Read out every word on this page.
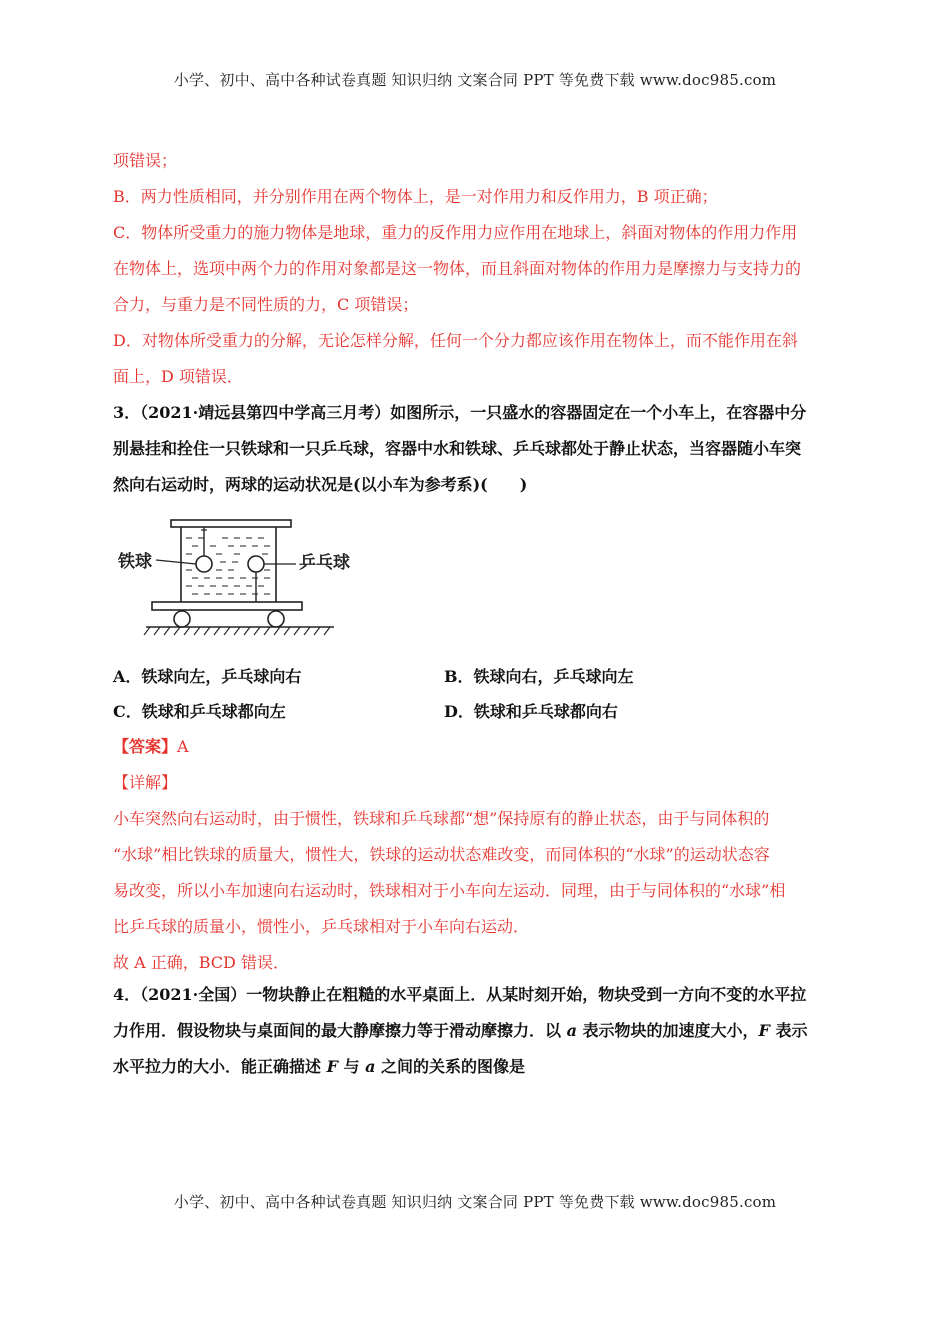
小学、初中、高中各种试卷真题 知识归纳 文案合同 PPT 等免费下载 www.doc985.com
项错误；
B．两力性质相同，并分别作用在两个物体上，是一对作用力和反作用力，B 项正确；
C．物体所受重力的施力物体是地球，重力的反作用力应作用在地球上，斜面对物体的作用力作用
在物体上，选项中两个力的作用对象都是这一物体，而且斜面对物体的作用力是摩擦力与支持力的
合力，与重力是不同性质的力，C 项错误；
D．对物体所受重力的分解，无论怎样分解，任何一个分力都应该作用在物体上，而不能作用在斜
面上，D 项错误．
3．（2021·靖远县第四中学高三月考）如图所示，一只盛水的容器固定在一个小车上，在容器中分
别悬挂和拴住一只铁球和一只乒乓球，容器中水和铁球、乒乓球都处于静止状态，当容器随小车突
然向右运动时，两球的运动状况是(以小车为参考系)(　　)
铁球	乒乓球
A．铁球向左，乒乓球向右	B．铁球向右，乒乓球向左
C．铁球和乒乓球都向左	D．铁球和乒乓球都向右
【答案】A
【详解】
小车突然向右运动时，由于惯性，铁球和乒乓球都“想”保持原有的静止状态，由于与同体积的
“水球”相比铁球的质量大，惯性大，铁球的运动状态难改变，而同体积的“水球”的运动状态容
易改变，所以小车加速向右运动时，铁球相对于小车向左运动．同理，由于与同体积的“水球”相
比乒乓球的质量小，惯性小，乒乓球相对于小车向右运动．
故 A 正确，BCD 错误．
4．（2021·全国）一物块静止在粗糙的水平桌面上．从某时刻开始，物块受到一方向不变的水平拉
力作用．假设物块与桌面间的最大静摩擦力等于滑动摩擦力．以 a 表示物块的加速度大小，F 表示
水平拉力的大小．能正确描述 F 与 a 之间的关系的图像是
小学、初中、高中各种试卷真题 知识归纳 文案合同 PPT 等免费下载 www.doc985.com
